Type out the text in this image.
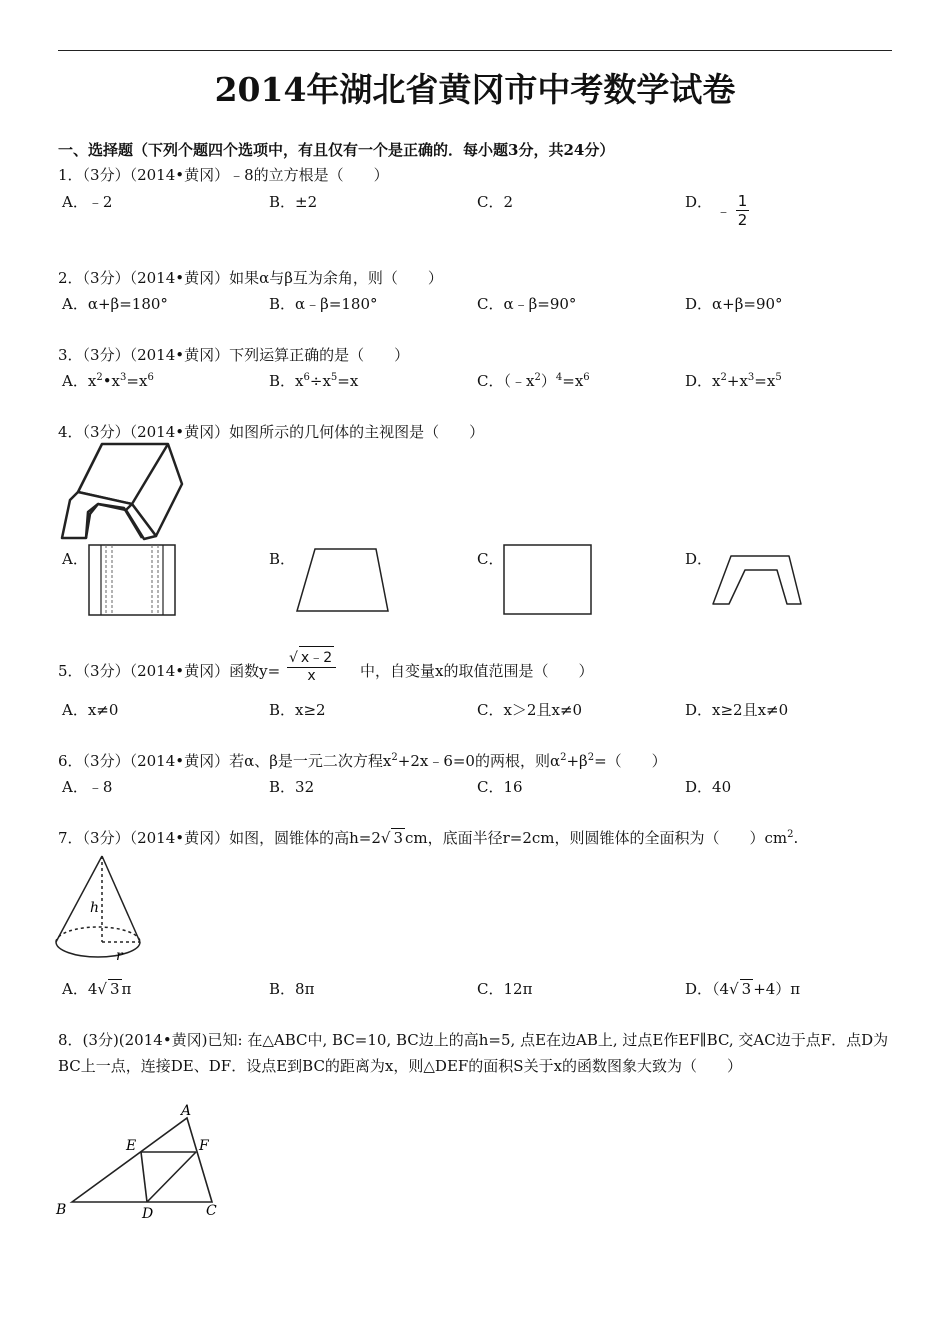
2014年湖北省黄冈市中考数学试卷
一、选择题（下列个题四个选项中，有且仅有一个是正确的．每小题3分，共24分）
1．（3分）（2014•黄冈）﹣8的立方根是（　　）
A．﹣2	B．±2	C．2	D． ﹣ $\frac{1}{2}$
2．（3分）（2014•黄冈）如果α与β互为余角，则（　　）
A．α+β=180°	B．α﹣β=180°	C．α﹣β=90°	D．α+β=90°
3．（3分）（2014•黄冈）下列运算正确的是（　　）
A．$x^2•x^3=x^6$	B．$x^6\div x^5=x$	C．$(﹣x^2)^4=x^6$	D．$x^2+x^3=x^5$
4．（3分）（2014•黄冈）如图所示的几何体的主视图是（　　）
A．	B．	C．	D．
5．（3分）（2014•黄冈）函数$y= \frac{√ x﹣2}{x}$ 中，自变量x的取值范围是（　　）
A．x≠0	B．x≥2	C．x＞2且x≠0	D．x≥2且x≠0
6．（3分）（2014•黄冈）若α、β是一元二次方程$x^2+2x﹣6=0$的两根，则$\alpha^2+\beta^2=$（　　）
A．﹣8	B．32	C．16	D．40
7．（3分）（2014•黄冈）如图，圆锥体的高h=2√ 3 cm，底面半径r=2cm，则圆锥体的全面积为（　　）$cm^2$.
h
r
A．4√ 3 π	B．8π	C．12π	D．（4√ 3 +4）π
8．(3分)(2014•黄冈)已知: 在△ABC中, BC=10, BC边上的高h=5, 点E在边AB上, 过点E作EF∥BC, 交AC边于点F．点D为BC上一点，连接DE、DF．设点E到BC的距离为x，则△DEF的面积S关于x的函数图象大致为（　　）
A
B	C
D
E	F
